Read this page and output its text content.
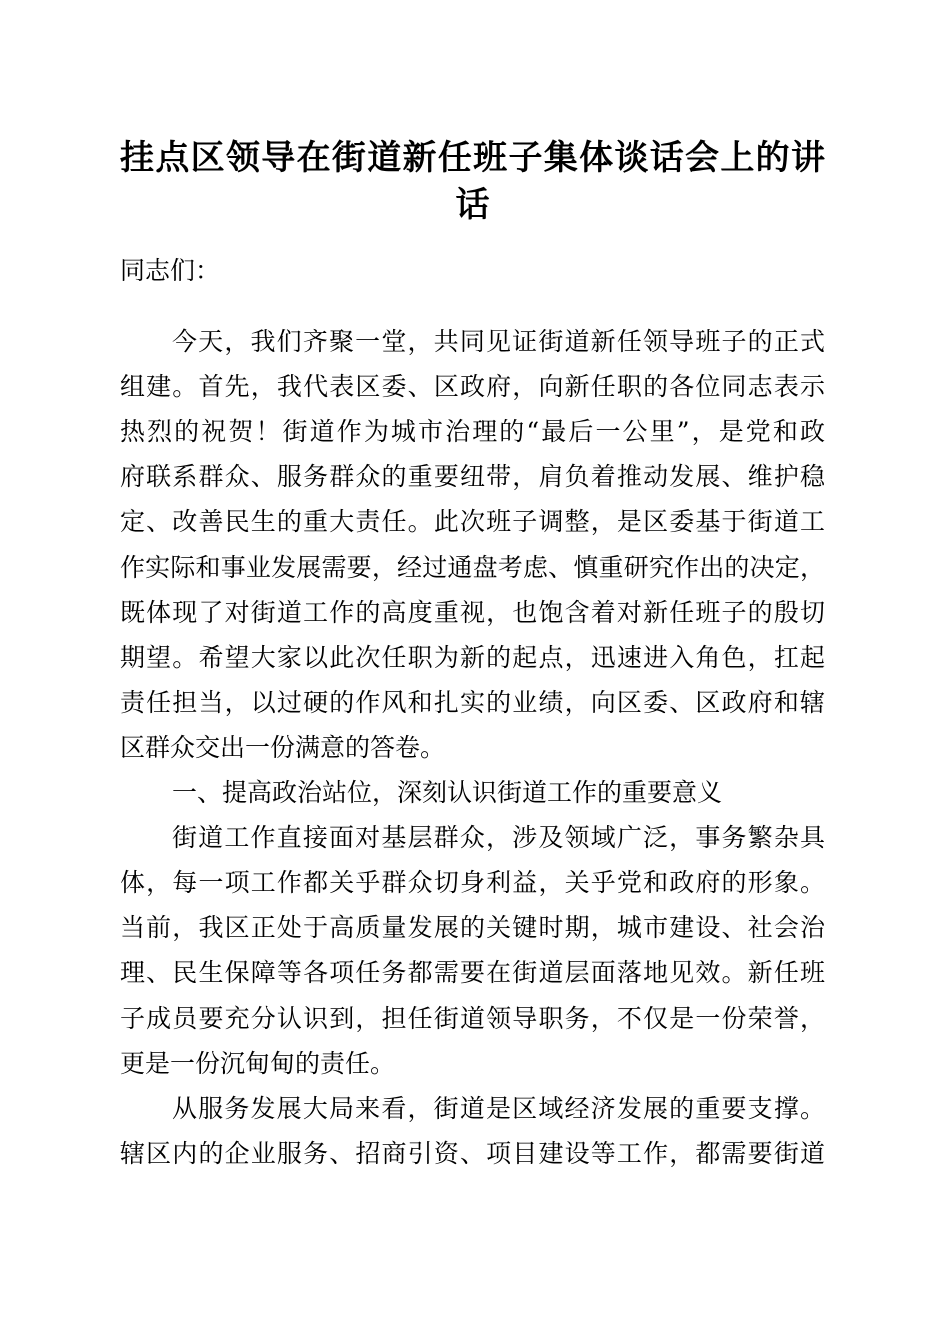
挂点区领导在街道新任班子集体谈话会上的讲
话
同志们：
今天，我们齐聚一堂，共同见证街道新任领导班子的正式
组建。首先，我代表区委、区政府，向新任职的各位同志表示
热烈的祝贺！街道作为城市治理的“最后一公里”，是党和政
府联系群众、服务群众的重要纽带，肩负着推动发展、维护稳
定、改善民生的重大责任。此次班子调整，是区委基于街道工
作实际和事业发展需要，经过通盘考虑、慎重研究作出的决定，
既体现了对街道工作的高度重视，也饱含着对新任班子的殷切
期望。希望大家以此次任职为新的起点，迅速进入角色，扛起
责任担当，以过硬的作风和扎实的业绩，向区委、区政府和辖
区群众交出一份满意的答卷。
一、提高政治站位，深刻认识街道工作的重要意义
街道工作直接面对基层群众，涉及领域广泛，事务繁杂具
体，每一项工作都关乎群众切身利益，关乎党和政府的形象。
当前，我区正处于高质量发展的关键时期，城市建设、社会治
理、民生保障等各项任务都需要在街道层面落地见效。新任班
子成员要充分认识到，担任街道领导职务，不仅是一份荣誉，
更是一份沉甸甸的责任。
从服务发展大局来看，街道是区域经济发展的重要支撑。
辖区内的企业服务、招商引资、项目建设等工作，都需要街道
